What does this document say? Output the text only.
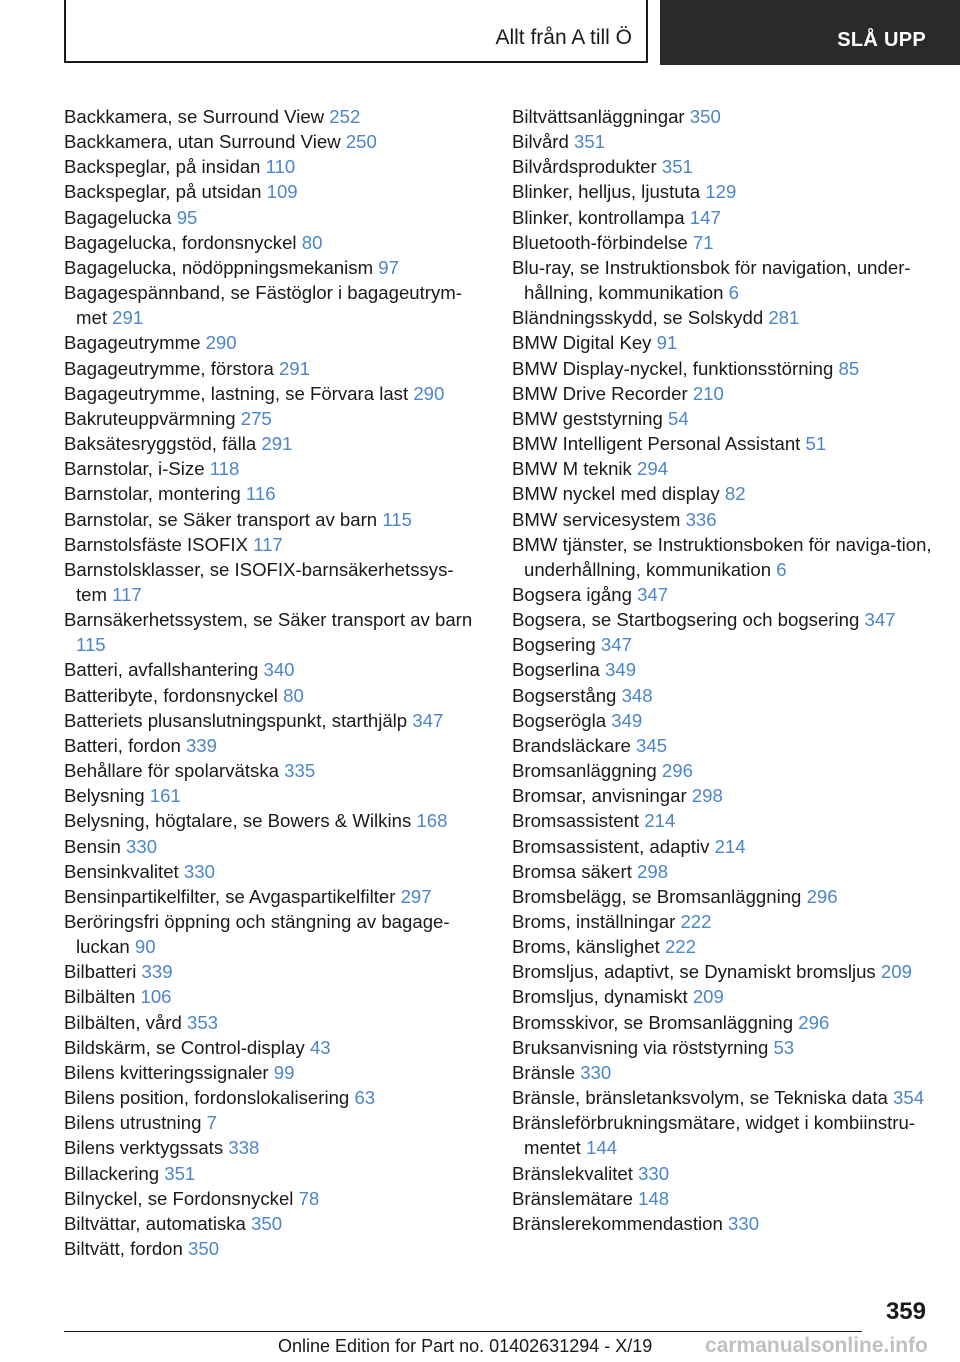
Allt från A till Ö	SLÅ UPP
Backkamera, se Surround View 252
Backkamera, utan Surround View 250
Backspeglar, på insidan 110
Backspeglar, på utsidan 109
Bagagelucka 95
Bagagelucka, fordonsnyckel 80
Bagagelucka, nödöppningsmekanism 97
Bagagespännband, se Fästöglor i bagageutrym‐met 291
Bagageutrymme 290
Bagageutrymme, förstora 291
Bagageutrymme, lastning, se Förvara last 290
Bakruteuppvärmning 275
Baksätesryggstöd, fälla 291
Barnstolar, i-Size 118
Barnstolar, montering 116
Barnstolar, se Säker transport av barn 115
Barnstolsfäste ISOFIX 117
Barnstolsklasser, se ISOFIX-barnsäkerhetssys‐tem 117
Barnsäkerhetssystem, se Säker transport av barn 115
Batteri, avfallshantering 340
Batteribyte, fordonsnyckel 80
Batteriets plusanslutningspunkt, starthjälp 347
Batteri, fordon 339
Behållare för spolarvätska 335
Belysning 161
Belysning, högtalare, se Bowers & Wilkins 168
Bensin 330
Bensinkvalitet 330
Bensinpartikelfilter, se Avgaspartikelfilter 297
Beröringsfri öppning och stängning av bagage‐luckan 90
Bilbatteri 339
Bilbälten 106
Bilbälten, vård 353
Bildskärm, se Control-display 43
Bilens kvitteringssignaler 99
Bilens position, fordonslokalisering 63
Bilens utrustning 7
Bilens verktygssats 338
Billackering 351
Bilnyckel, se Fordonsnyckel 78
Biltvättar, automatiska 350
Biltvätt, fordon 350
Biltvättsanläggningar 350
Bilvård 351
Bilvårdsprodukter 351
Blinker, helljus, ljustuta 129
Blinker, kontrollampa 147
Bluetooth-förbindelse 71
Blu-ray, se Instruktionsbok för navigation, under‐hållning, kommunikation 6
Bländningsskydd, se Solskydd 281
BMW Digital Key 91
BMW Display-nyckel, funktionsstörning 85
BMW Drive Recorder 210
BMW geststyrning 54
BMW Intelligent Personal Assistant 51
BMW M teknik 294
BMW nyckel med display 82
BMW servicesystem 336
BMW tjänster, se Instruktionsboken för naviga‐tion, underhållning, kommunikation 6
Bogsera igång 347
Bogsera, se Startbogsering och bogsering 347
Bogsering 347
Bogserlina 349
Bogserstång 348
Bogserögla 349
Brandsläckare 345
Bromsanläggning 296
Bromsar, anvisningar 298
Bromsassistent 214
Bromsassistent, adaptiv 214
Bromsa säkert 298
Bromsbelägg, se Bromsanläggning 296
Broms, inställningar 222
Broms, känslighet 222
Bromsljus, adaptivt, se Dynamiskt bromsljus 209
Bromsljus, dynamiskt 209
Bromsskivor, se Bromsanläggning 296
Bruksanvisning via röststyrning 53
Bränsle 330
Bränsle, bränsletanksvolym, se Tekniska data 354
Bränsleförbrukningsmätare, widget i kombiinstru‐mentet 144
Bränslekvalitet 330
Bränslemätare 148
Bränslerekommendastion 330
359
Online Edition for Part no. 01402631294 - X/19	carmanualsonline.info
